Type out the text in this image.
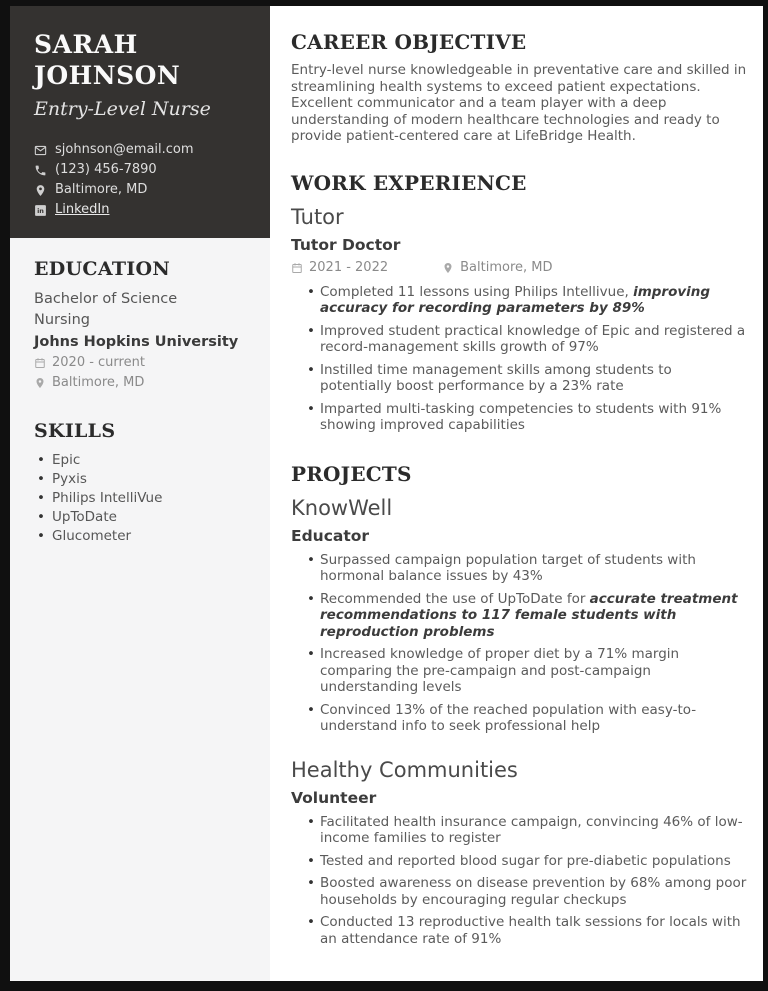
SARAH
JOHNSON
Entry-Level Nurse
sjohnson@email.com
(123) 456-7890
Baltimore, MD
in LinkedIn
EDUCATION
Bachelor of Science
Nursing
Johns Hopkins University
2020 - current
Baltimore, MD
SKILLS
• Epic
• Pyxis
• Philips IntelliVue
• UpToDate
• Glucometer
CAREER OBJECTIVE

Entry-level nurse knowledgeable in preventative care and skilled in streamlining health systems to exceed patient expectations. Excellent communicator and a team player with a deep understanding of modern healthcare technologies and ready to provide patient-centered care at LifeBridge Health.

WORK EXPERIENCE
Tutor
Tutor Doctor
2021 - 2022	Baltimore, MD
• Completed 11 lessons using Philips Intellivue, improving accuracy for recording parameters by 89%
• Improved student practical knowledge of Epic and registered a record-management skills growth of 97%
• Instilled time management skills among students to potentially boost performance by a 23% rate
• Imparted multi-tasking competencies to students with 91% showing improved capabilities
PROJECTS
KnowWell
Educator
• Surpassed campaign population target of students with hormonal balance issues by 43%
• Recommended the use of UpToDate for accurate treatment recommendations to 117 female students with reproduction problems
• Increased knowledge of proper diet by a 71% margin comparing the pre-campaign and post-campaign understanding levels
• Convinced 13% of the reached population with easy-to-understand info to seek professional help
Healthy Communities
Volunteer
• Facilitated health insurance campaign, convincing 46% of low-income families to register
• Tested and reported blood sugar for pre-diabetic populations
• Boosted awareness on disease prevention by 68% among poor households by encouraging regular checkups
• Conducted 13 reproductive health talk sessions for locals with an attendance rate of 91%
